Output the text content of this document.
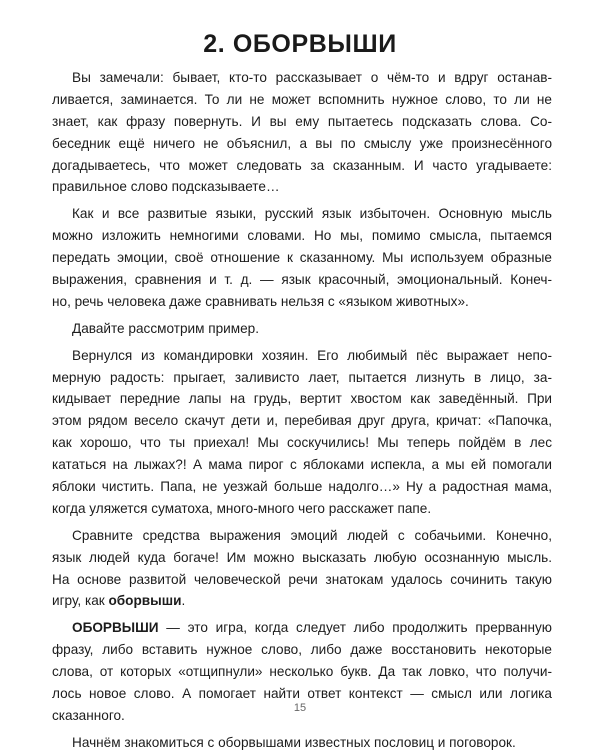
2. ОБОРВЫШИ
Вы замечали: бывает, кто-то рассказывает о чём-то и вдруг останав-
ливается, заминается. То ли не может вспомнить нужное слово, то ли не
знает, как фразу повернуть. И вы ему пытаетесь подсказать слова. Со-
беседник ещё ничего не объяснил, а вы по смыслу уже произнесённого
догадываетесь, что может следовать за сказанным. И часто угадываете:
правильное слово подсказываете…
Как и все развитые языки, русский язык избыточен. Основную мысль
можно изложить немногими словами. Но мы, помимо смысла, пытаемся
передать эмоции, своё отношение к сказанному. Мы используем образные
выражения, сравнения и т. д. — язык красочный, эмоциональный. Конеч-
но, речь человека даже сравнивать нельзя с «языком животных».
Давайте рассмотрим пример.
Вернулся из командировки хозяин. Его любимый пёс выражает непо-
мерную радость: прыгает, заливисто лает, пытается лизнуть в лицо, за-
кидывает передние лапы на грудь, вертит хвостом как заведённый. При
этом рядом весело скачут дети и, перебивая друг друга, кричат: «Папочка,
как хорошо, что ты приехал! Мы соскучились! Мы теперь пойдём в лес
кататься на лыжах?! А мама пирог с яблоками испекла, а мы ей помогали
яблоки чистить. Папа, не уезжай больше надолго…» Ну а радостная мама,
когда уляжется суматоха, много-много чего расскажет папе.
Сравните средства выражения эмоций людей с собачьими. Конечно,
язык людей куда богаче! Им можно высказать любую осознанную мысль.
На основе развитой человеческой речи знатокам удалось сочинить такую
игру, как оборвыши.
ОБОРВЫШИ — это игра, когда следует либо продолжить прерванную
фразу, либо вставить нужное слово, либо даже восстановить некоторые
слова, от которых «отщипнули» несколько букв. Да так ловко, что получи-
лось новое слово. А помогает найти ответ контекст — смысл или логика
сказанного.
Начнём знакомиться с оборвышами известных пословиц и поговорок.
15
